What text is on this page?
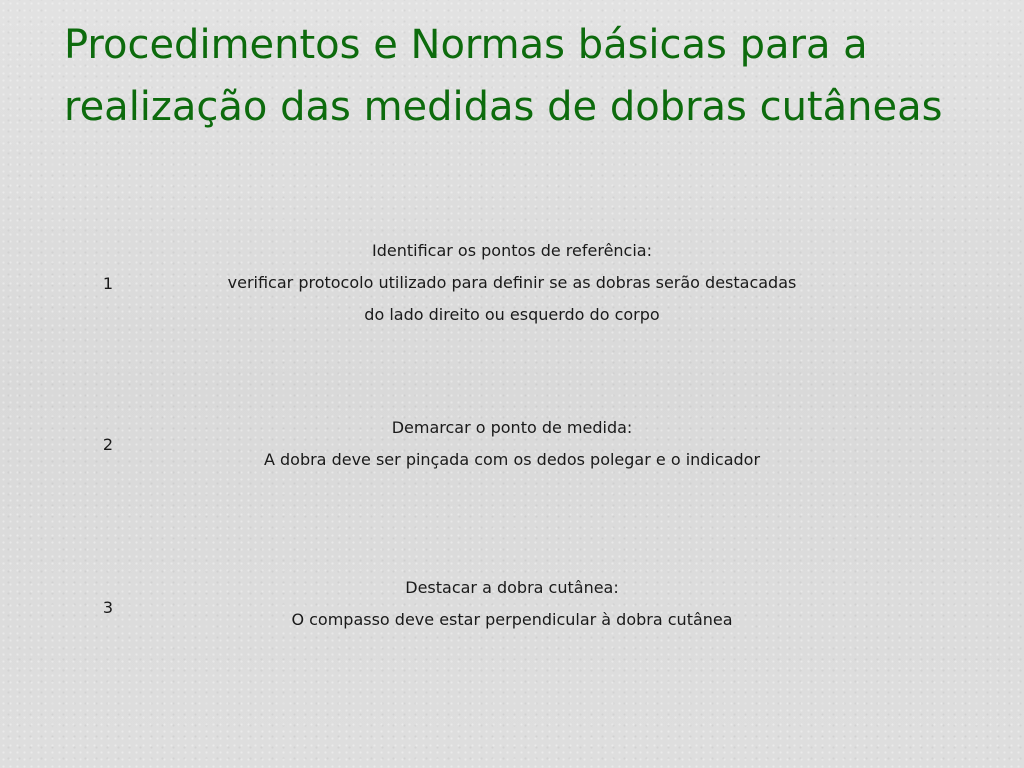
Procedimentos e Normas básicas para a realização das medidas de dobras cutâneas
1
Identificar os pontos de referência:
verificar protocolo utilizado para definir se as dobras serão destacadas
do lado direito ou esquerdo do corpo
2
Demarcar o ponto de medida:
A dobra deve ser pinçada com os dedos polegar e o indicador
3
Destacar a dobra cutânea:
O compasso deve estar perpendicular à dobra cutânea
